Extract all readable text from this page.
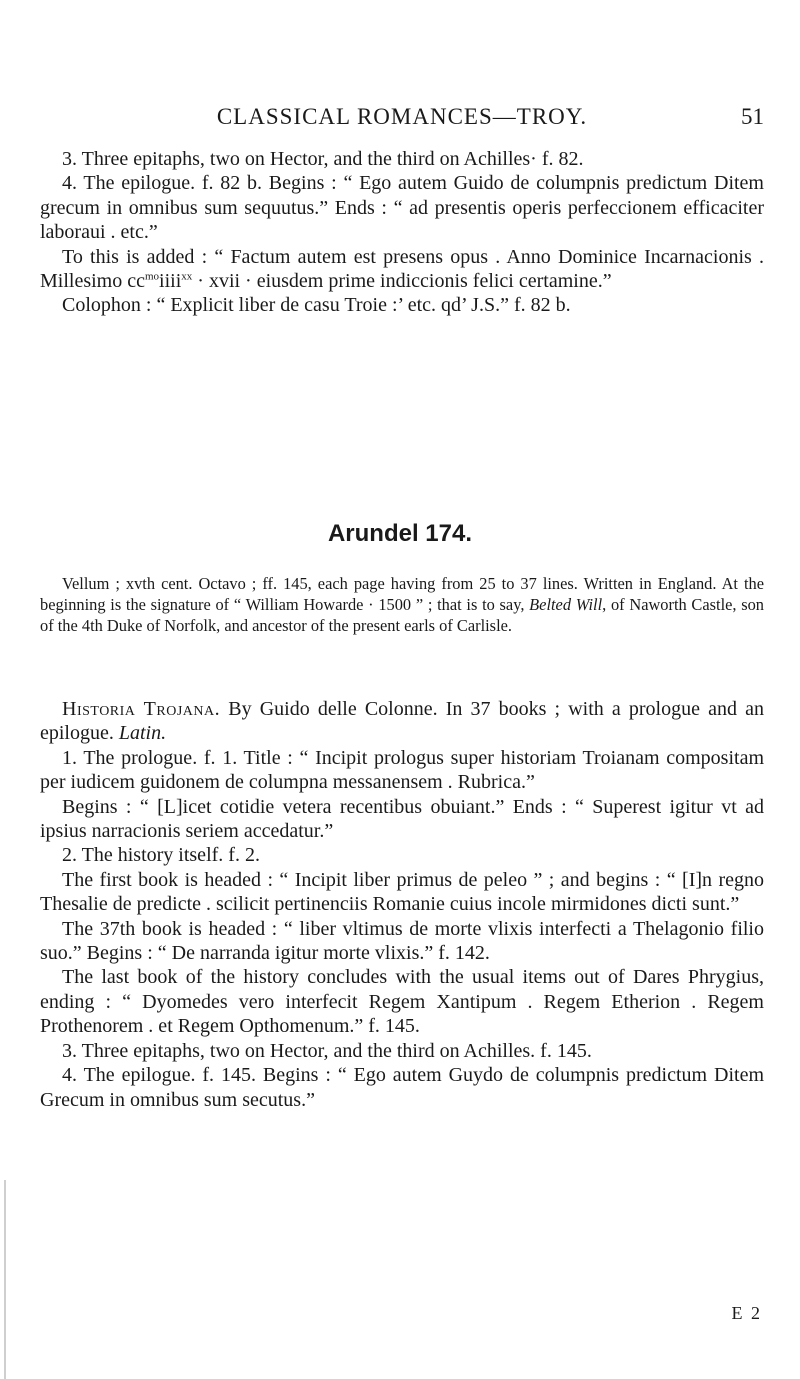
CLASSICAL ROMANCES—TROY.	51

3. Three epitaphs, two on Hector, and the third on Achilles· f. 82.

4. The epilogue. f. 82 b. Begins : “ Ego autem Guido de columpnis predictum Ditem grecum in omnibus sum sequutus.” Ends : “ ad presentis operis perfeccionem efficaciter laboraui . etc.”

To this is added : “ Factum autem est presens opus . Anno Dominice Incarnacionis . Millesimo $cc^{mo}iiii^{xx}$ · xvii · eiusdem prime indiccionis felici certamine.”

Colophon : “ Explicit liber de casu Troie :’ etc. qd’ J.S.” f. 82 b.

Arundel 174.

Vellum ; xvth cent. Octavo ; ff. 145, each page having from 25 to 37 lines. Written in England. At the beginning is the signature of “ William Howarde · 1500 ” ; that is to say, Belted Will, of Naworth Castle, son of the 4th Duke of Norfolk, and ancestor of the present earls of Carlisle.

Historia Trojana. By Guido delle Colonne. In 37 books ; with a prologue and an epilogue. Latin.

1. The prologue. f. 1. Title : “ Incipit prologus super historiam Troianam compositam per iudicem guidonem de columpna messanensem . Rubrica.”

Begins : “ [L]icet cotidie vetera recentibus obuiant.” Ends : “ Superest igitur vt ad ipsius narracionis seriem accedatur.”

2. The history itself. f. 2.

The first book is headed : “ Incipit liber primus de peleo ” ; and begins : “ [I]n regno Thesalie de predicte . scilicit pertinenciis Romanie cuius incole mirmidones dicti sunt.”

The 37th book is headed : “ liber vltimus de morte vlixis interfecti a Thelagonio filio suo.” Begins : “ De narranda igitur morte vlixis.” f. 142.

The last book of the history concludes with the usual items out of Dares Phrygius, ending : “ Dyomedes vero interfecit Regem Xantipum . Regem Etherion . Regem Prothenorem . et Regem Opthomenum.” f. 145.

3. Three epitaphs, two on Hector, and the third on Achilles. f. 145.

4. The epilogue. f. 145. Begins : “ Ego autem Guydo de columpnis predictum Ditem Grecum in omnibus sum secutus.”

E 2
